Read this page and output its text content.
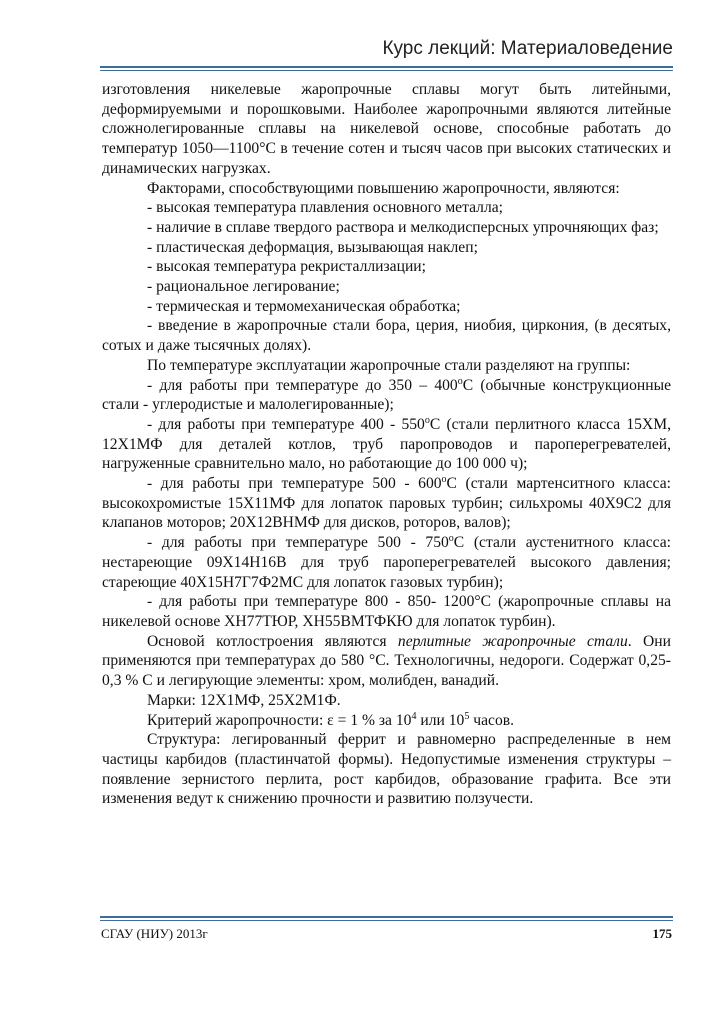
Курс лекций: Материаловедение

изготовления никелевые жаропрочные сплавы могут быть литейными, деформируемыми и порошковыми. Наиболее жаропрочными являются литейные сложнолегированные сплавы на никелевой основе, способные работать до температур 1050—1100°С в течение сотен и тысяч часов при высоких статических и динамических нагрузках.

Факторами, способствующими повышению жаропрочности, являются:

- высокая температура плавления основного металла;

- наличие в сплаве твердого раствора и мелкодисперсных упрочняющих фаз;

- пластическая деформация, вызывающая наклеп;

- высокая температура рекристаллизации;

- рациональное легирование;

- термическая и термомеханическая обработка;

- введение в жаропрочные стали бора, церия, ниобия, циркония, (в десятых, сотых и даже тысячных долях).

По температуре эксплуатации жаропрочные стали разделяют на группы:

- для работы при температуре до 350 – 400$^o$С (обычные конструкционные стали - углеродистые и малолегированные);

- для работы при температуре 400 - 550$^o$С (стали перлитного класса 15ХМ, 12Х1МФ для деталей котлов, труб паропроводов и пароперегревателей, нагруженные сравнительно мало, но работающие до 100 000 ч);

- для работы при температуре 500 - 600$^o$С (стали мартенситного класса: высокохромистые 15Х11МФ для лопаток паровых турбин; сильхромы 40Х9С2 для клапанов моторов; 20Х12ВНМФ для дисков, роторов, валов);

- для работы при температуре 500 - 750$^o$С (стали аустенитного класса: нестареющие 09Х14Н16В для труб пароперегревателей высокого давления; стареющие 40Х15Н7Г7Ф2МС для лопаток газовых турбин);

- для работы при температуре 800 - 850- 1200°С (жаропрочные сплавы на никелевой основе ХН77ТЮР, ХН55ВМТФКЮ для лопаток турбин).

Основой котлостроения являются перлитные жаропрочные стали. Они применяются при температурах до 580 °С. Технологичны, недороги. Содержат 0,25-0,3 % С и легирующие элементы: хром, молибден, ванадий.

Марки: 12Х1МФ, 25Х2М1Ф.

Критерий жаропрочности: ε = 1 % за $10^4$ или $10^5$ часов.

Структура: легированный феррит и равномерно распределенные в нем частицы карбидов (пластинчатой формы). Недопустимые изменения структуры – появление зернистого перлита, рост карбидов, образование графита. Все эти изменения ведут к снижению прочности и развитию ползучести.

СГАУ (НИУ) 2013г	175
